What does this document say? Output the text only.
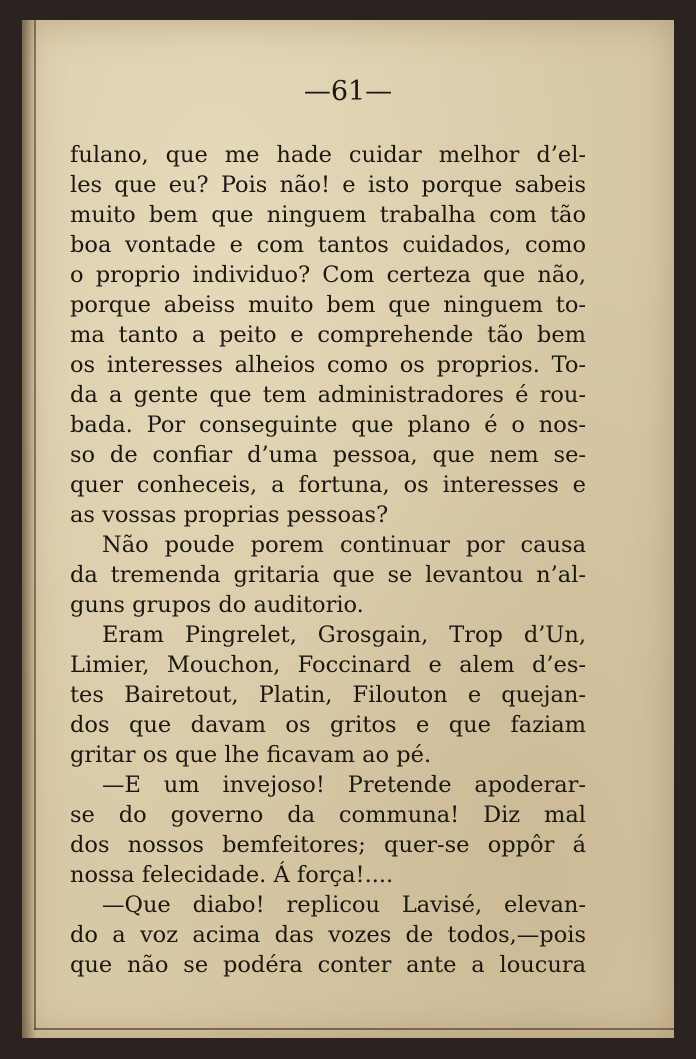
—61—
fulano, que me hade cuidar melhor d’el-
les que eu? Pois não! e isto porque sabeis
muito bem que ninguem trabalha com tão
boa vontade e com tantos cuidados, como
o proprio individuo? Com certeza que não,
porque abeiss muito bem que ninguem to-
ma tanto a peito e comprehende tão bem
os interesses alheios como os proprios. To-
da a gente que tem administradores é rou-
bada. Por conseguinte que plano é o nos-
so de confiar d’uma pessoa, que nem se-
quer conheceis, a fortuna, os interesses e
as vossas proprias pessoas?
Não poude porem continuar por causa
da tremenda gritaria que se levantou n’al-
guns grupos do auditorio.
Eram Pingrelet, Grosgain, Trop d’Un,
Limier, Mouchon, Foccinard e alem d’es-
tes Bairetout, Platin, Filouton e quejan-
dos que davam os gritos e que faziam
gritar os que lhe ficavam ao pé.
—E um invejoso! Pretende apoderar-
se do governo da communa! Diz mal
dos nossos bemfeitores; quer-se oppôr á
nossa felecidade. Á força!....
—Que diabo! replicou Lavisé, elevan-
do a voz acima das vozes de todos,—pois
que não se podéra conter ante a loucura
